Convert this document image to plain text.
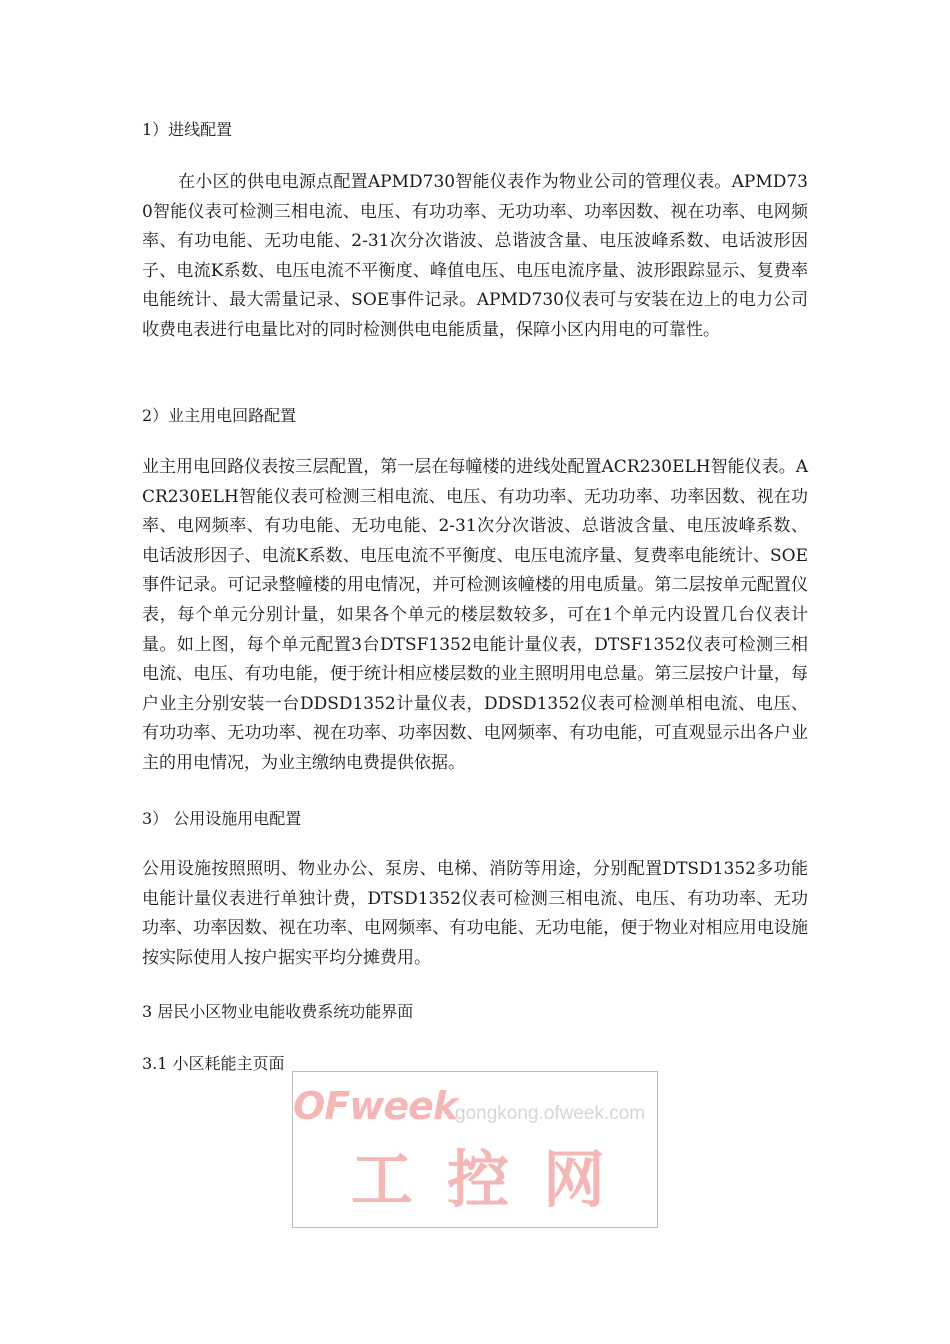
1）进线配置
在小区的供电电源点配置APMD730智能仪表作为物业公司的管理仪表。APMD730智能仪表可检测三相电流、电压、有功功率、无功功率、功率因数、视在功率、电网频率、有功电能、无功电能、2-31次分次谐波、总谐波含量、电压波峰系数、电话波形因子、电流K系数、电压电流不平衡度、峰值电压、电压电流序量、波形跟踪显示、复费率电能统计、最大需量记录、SOE事件记录。APMD730仪表可与安装在边上的电力公司收费电表进行电量比对的同时检测供电电能质量，保障小区内用电的可靠性。
2）业主用电回路配置
业主用电回路仪表按三层配置，第一层在每幢楼的进线处配置ACR230ELH智能仪表。ACR230ELH智能仪表可检测三相电流、电压、有功功率、无功功率、功率因数、视在功率、电网频率、有功电能、无功电能、2-31次分次谐波、总谐波含量、电压波峰系数、电话波形因子、电流K系数、电压电流不平衡度、电压电流序量、复费率电能统计、SOE事件记录。可记录整幢楼的用电情况，并可检测该幢楼的用电质量。第二层按单元配置仪表，每个单元分别计量，如果各个单元的楼层数较多，可在1个单元内设置几台仪表计量。如上图，每个单元配置3台DTSF1352电能计量仪表，DTSF1352仪表可检测三相电流、电压、有功电能，便于统计相应楼层数的业主照明用电总量。第三层按户计量，每户业主分别安装一台DDSD1352计量仪表，DDSD1352仪表可检测单相电流、电压、有功功率、无功功率、视在功率、功率因数、电网频率、有功电能，可直观显示出各户业主的用电情况，为业主缴纳电费提供依据。
3） 公用设施用电配置
公用设施按照照明、物业办公、泵房、电梯、消防等用途，分别配置DTSD1352多功能电能计量仪表进行单独计费，DTSD1352仪表可检测三相电流、电压、有功功率、无功功率、功率因数、视在功率、电网频率、有功电能、无功电能，便于物业对相应用电设施按实际使用人按户据实平均分摊费用。
3 居民小区物业电能收费系统功能界面
3.1 小区耗能主页面
OFweek
gongkong.ofweek.com
工控网
